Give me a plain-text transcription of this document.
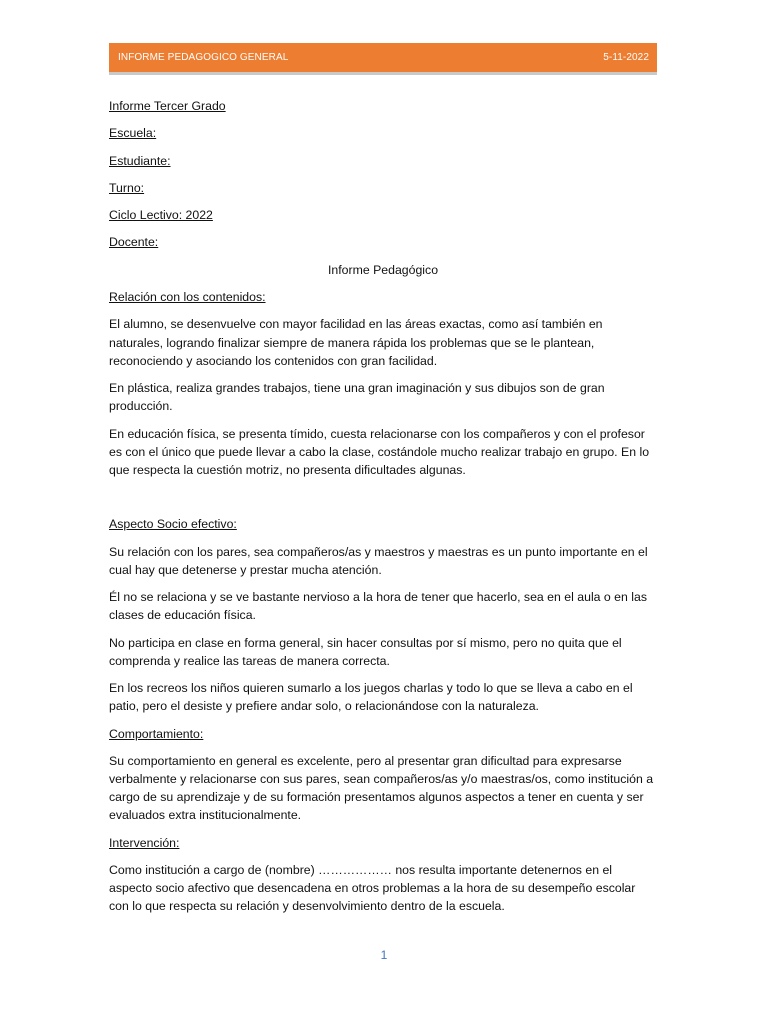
INFORME PEDAGOGICO GENERAL	5-11-2022
Informe Tercer Grado
Escuela:
Estudiante:
Turno:
Ciclo Lectivo: 2022
Docente:
Informe Pedagógico
Relación con los contenidos:

El alumno, se desenvuelve con mayor facilidad en las áreas exactas, como así también en naturales, logrando finalizar siempre de manera rápida los problemas que se le plantean, reconociendo y asociando los contenidos con gran facilidad.

En plástica, realiza grandes trabajos, tiene una gran imaginación y sus dibujos son de gran producción.

En educación física, se presenta tímido, cuesta relacionarse con los compañeros y con el profesor es con el único que puede llevar a cabo la clase, costándole mucho realizar trabajo en grupo. En lo que respecta la cuestión motriz, no presenta dificultades algunas.

Aspecto Socio efectivo:

Su relación con los pares, sea compañeros/as y maestros y maestras es un punto importante en el cual hay que detenerse y prestar mucha atención.

Él no se relaciona y se ve bastante nervioso a la hora de tener que hacerlo, sea en el aula o en las clases de educación física.

No participa en clase en forma general, sin hacer consultas por sí mismo, pero no quita que el comprenda y realice las tareas de manera correcta.

En los recreos los niños quieren sumarlo a los juegos charlas y todo lo que se lleva a cabo en el patio, pero el desiste y prefiere andar solo, o relacionándose con la naturaleza.

Comportamiento:

Su comportamiento en general es excelente, pero al presentar gran dificultad para expresarse verbalmente y relacionarse con sus pares, sean compañeros/as y/o maestras/os, como institución a cargo de su aprendizaje y de su formación presentamos algunos aspectos a tener en cuenta y ser evaluados extra institucionalmente.

Intervención:

Como institución a cargo de (nombre) ……………… nos resulta importante detenernos en el aspecto socio afectivo que desencadena en otros problemas a la hora de su desempeño escolar con lo que respecta su relación y desenvolvimiento dentro de la escuela.

1
